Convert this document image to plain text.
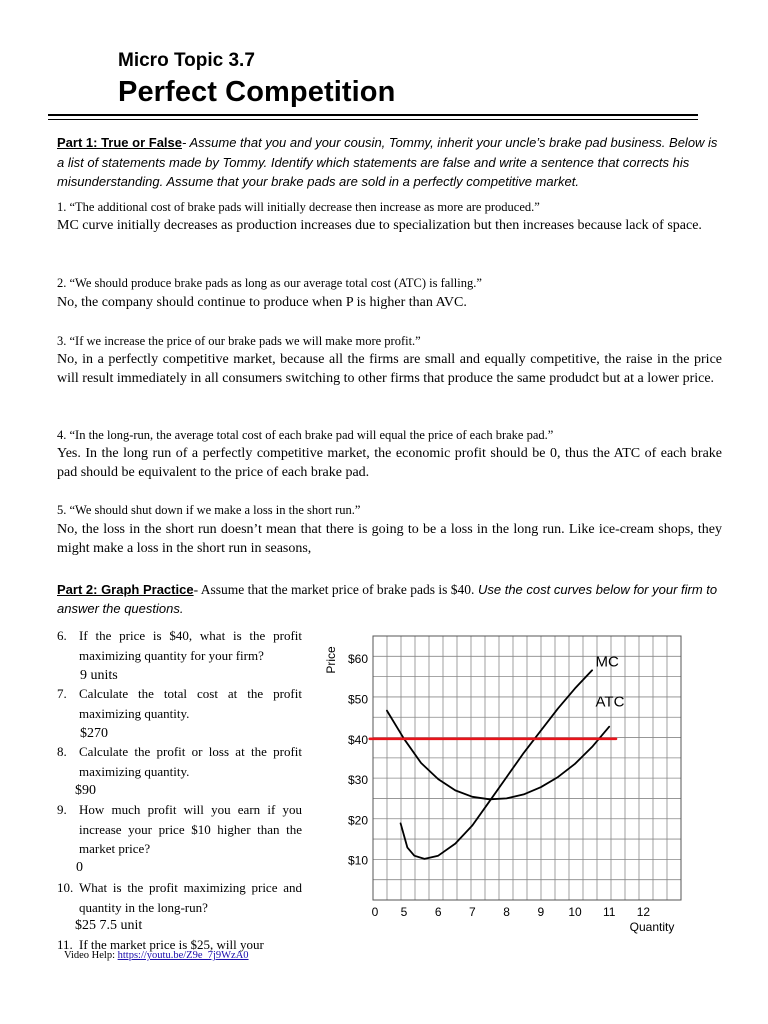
Micro Topic 3.7
Perfect Competition
Part 1: True or False- Assume that you and your cousin, Tommy, inherit your uncle’s brake pad business. Below is a list of statements made by Tommy. Identify which statements are false and write a sentence that corrects his misunderstanding. Assume that your brake pads are sold in a perfectly competitive market.
1. “The additional cost of brake pads will initially decrease then increase as more are produced.”
MC curve initially decreases as production increases due to specialization but then increases because lack of space.
2. “We should produce brake pads as long as our average total cost (ATC) is falling.”
No, the company should continue to produce when P is higher than AVC.
3. “If we increase the price of our brake pads we will make more profit.”
No, in a perfectly competitive market, because all the firms are small and equally competitive, the raise in the price will result immediately in all consumers switching to other firms that produce the same produdct but at a lower price.
4. “In the long-run, the average total cost of each brake pad will equal the price of each brake pad.”
Yes. In the long run of a perfectly competitive market, the economic profit should be 0, thus the ATC of each brake pad should be equivalent to the price of each brake pad.
5. “We should shut down if we make a loss in the short run.”
No, the loss in the short run doesn’t mean that there is going to be a loss in the long run. Like ice-cream shops, they might make a loss in the short run in seasons,
Part 2: Graph Practice- Assume that the market price of brake pads is $40. Use the cost curves below for your firm to answer the questions.
6. If the price is $40, what is the profit maximizing quantity for your firm?
9 units
7. Calculate the total cost at the profit maximizing quantity.
$270
8. Calculate the profit or loss at the profit maximizing quantity.
$90
9. How much profit will you earn if you increase your price $10 higher than the market price?
0
10. What is the profit maximizing price and quantity in the long-run?
$25 7.5 unit
11. If the market price is $25, will your
Video Help: https://youtu.be/Z9e_7j9WzA0
$10
$20
$30
$40
$50
$60
0 5 6 7 8 9 10 11 12
Quantity
Price	MC
ATC
